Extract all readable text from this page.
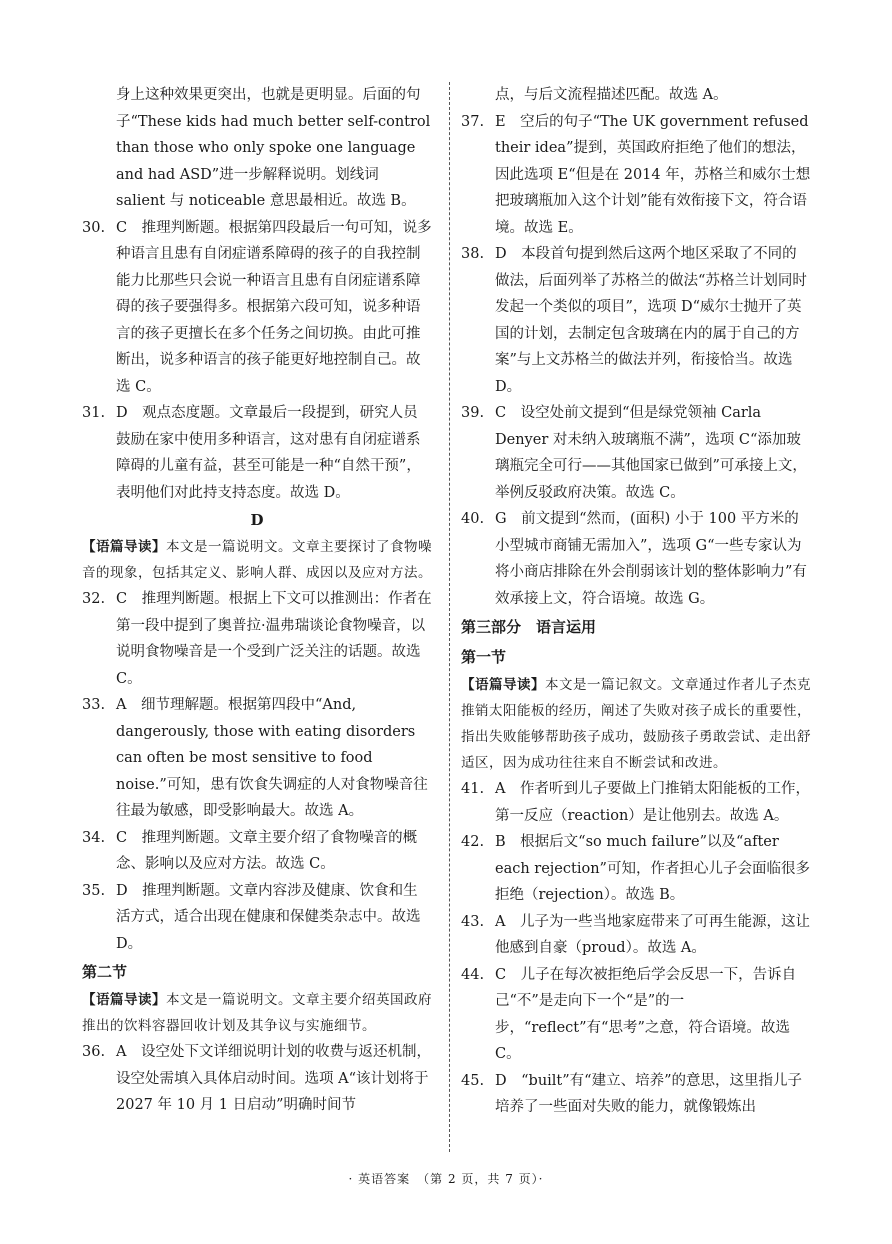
身上这种效果更突出，也就是更明显。后面的句子“These kids had much better self-control than those who only spoke one language and had ASD”进一步解释说明。划线词 salient 与 noticeable 意思最相近。故选 B。
30. C　推理判断题。根据第四段最后一句可知，说多种语言且患有自闭症谱系障碍的孩子的自我控制能力比那些只会说一种语言且患有自闭症谱系障碍的孩子要强得多。根据第六段可知，说多种语言的孩子更擅长在多个任务之间切换。由此可推断出，说多种语言的孩子能更好地控制自己。故选 C。
31. D　观点态度题。文章最后一段提到，研究人员鼓励在家中使用多种语言，这对患有自闭症谱系障碍的儿童有益，甚至可能是一种“自然干预”，表明他们对此持支持态度。故选 D。
D
【语篇导读】本文是一篇说明文。文章主要探讨了食物噪音的现象，包括其定义、影响人群、成因以及应对方法。
32. C　推理判断题。根据上下文可以推测出：作者在第一段中提到了奥普拉·温弗瑞谈论食物噪音，以说明食物噪音是一个受到广泛关注的话题。故选 C。
33. A　细节理解题。根据第四段中“And, dangerously, those with eating disorders can often be most sensitive to food noise.”可知，患有饮食失调症的人对食物噪音往往最为敏感，即受影响最大。故选 A。
34. C　推理判断题。文章主要介绍了食物噪音的概念、影响以及应对方法。故选 C。
35. D　推理判断题。文章内容涉及健康、饮食和生活方式，适合出现在健康和保健类杂志中。故选 D。
第二节
【语篇导读】本文是一篇说明文。文章主要介绍英国政府推出的饮料容器回收计划及其争议与实施细节。
36. A　设空处下文详细说明计划的收费与返还机制，设空处需填入具体启动时间。选项 A“该计划将于 2027 年 10 月 1 日启动”明确时间节
点，与后文流程描述匹配。故选 A。
37. E　空后的句子“The UK government refused their idea”提到，英国政府拒绝了他们的想法，因此选项 E“但是在 2014 年，苏格兰和威尔士想把玻璃瓶加入这个计划”能有效衔接下文，符合语境。故选 E。
38. D　本段首句提到然后这两个地区采取了不同的做法，后面列举了苏格兰的做法“苏格兰计划同时发起一个类似的项目”，选项 D“威尔士抛开了英国的计划，去制定包含玻璃在内的属于自己的方案”与上文苏格兰的做法并列，衔接恰当。故选 D。
39. C　设空处前文提到“但是绿党领袖 Carla Denyer 对未纳入玻璃瓶不满”，选项 C“添加玻璃瓶完全可行——其他国家已做到”可承接上文，举例反驳政府决策。故选 C。
40. G　前文提到“然而，(面积) 小于 100 平方米的小型城市商铺无需加入”，选项 G“一些专家认为将小商店排除在外会削弱该计划的整体影响力”有效承接上文，符合语境。故选 G。
第三部分　语言运用
第一节
【语篇导读】本文是一篇记叙文。文章通过作者儿子杰克推销太阳能板的经历，阐述了失败对孩子成长的重要性，指出失败能够帮助孩子成功，鼓励孩子勇敢尝试、走出舒适区，因为成功往往来自不断尝试和改进。
41. A　作者听到儿子要做上门推销太阳能板的工作，第一反应（reaction）是让他别去。故选 A。
42. B　根据后文“so much failure”以及“after each rejection”可知，作者担心儿子会面临很多拒绝（rejection）。故选 B。
43. A　儿子为一些当地家庭带来了可再生能源，这让他感到自豪（proud）。故选 A。
44. C　儿子在每次被拒绝后学会反思一下，告诉自己“不”是走向下一个“是”的一步，“reflect”有“思考”之意，符合语境。故选 C。
45. D　“built”有“建立、培养”的意思，这里指儿子培养了一些面对失败的能力，就像锻炼出
· 英语答案　（第 2 页，共 7 页）·
